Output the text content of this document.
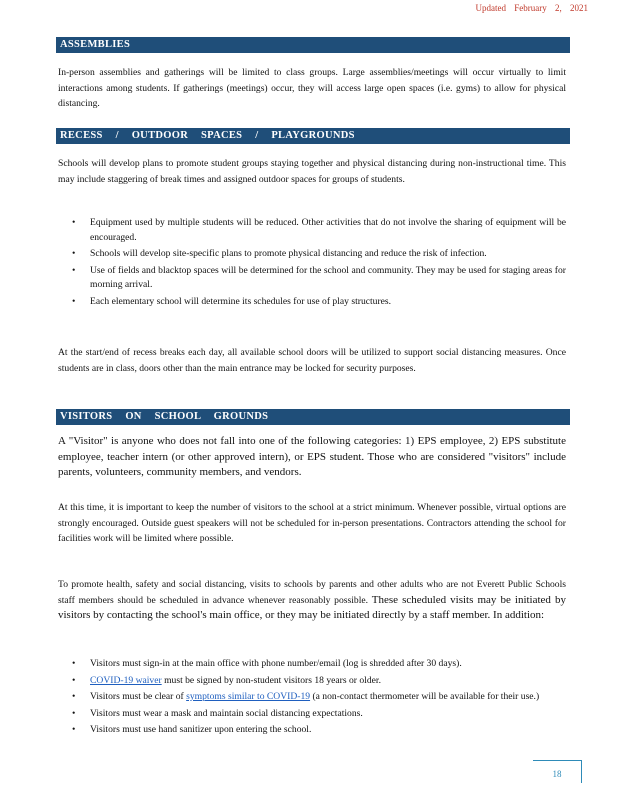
Updated February 2, 2021
ASSEMBLIES
In-person assemblies and gatherings will be limited to class groups. Large assemblies/meetings will occur virtually to limit interactions among students. If gatherings (meetings) occur, they will access large open spaces (i.e. gyms) to allow for physical distancing.
RECESS / OUTDOOR SPACES / PLAYGROUNDS
Schools will develop plans to promote student groups staying together and physical distancing during non-instructional time. This may include staggering of break times and assigned outdoor spaces for groups of students.
• Equipment used by multiple students will be reduced. Other activities that do not involve the sharing of equipment will be encouraged.
• Schools will develop site-specific plans to promote physical distancing and reduce the risk of infection.
• Use of fields and blacktop spaces will be determined for the school and community. They may be used for staging areas for morning arrival.
• Each elementary school will determine its schedules for use of play structures.
At the start/end of recess breaks each day, all available school doors will be utilized to support social distancing measures. Once students are in class, doors other than the main entrance may be locked for security purposes.
VISITORS ON SCHOOL GROUNDS
A "Visitor" is anyone who does not fall into one of the following categories: 1) EPS employee, 2) EPS substitute employee, teacher intern (or other approved intern), or EPS student. Those who are considered "visitors" include parents, volunteers, community members, and vendors.
At this time, it is important to keep the number of visitors to the school at a strict minimum. Whenever possible, virtual options are strongly encouraged. Outside guest speakers will not be scheduled for in-person presentations. Contractors attending the school for facilities work will be limited where possible.
To promote health, safety and social distancing, visits to schools by parents and other adults who are not Everett Public Schools staff members should be scheduled in advance whenever reasonably possible. These scheduled visits may be initiated by visitors by contacting the school's main office, or they may be initiated directly by a staff member. In addition:
• Visitors must sign-in at the main office with phone number/email (log is shredded after 30 days).
• COVID-19 waiver must be signed by non-student visitors 18 years or older.
• Visitors must be clear of symptoms similar to COVID-19 (a non-contact thermometer will be available for their use.)
• Visitors must wear a mask and maintain social distancing expectations.
• Visitors must use hand sanitizer upon entering the school.
18
